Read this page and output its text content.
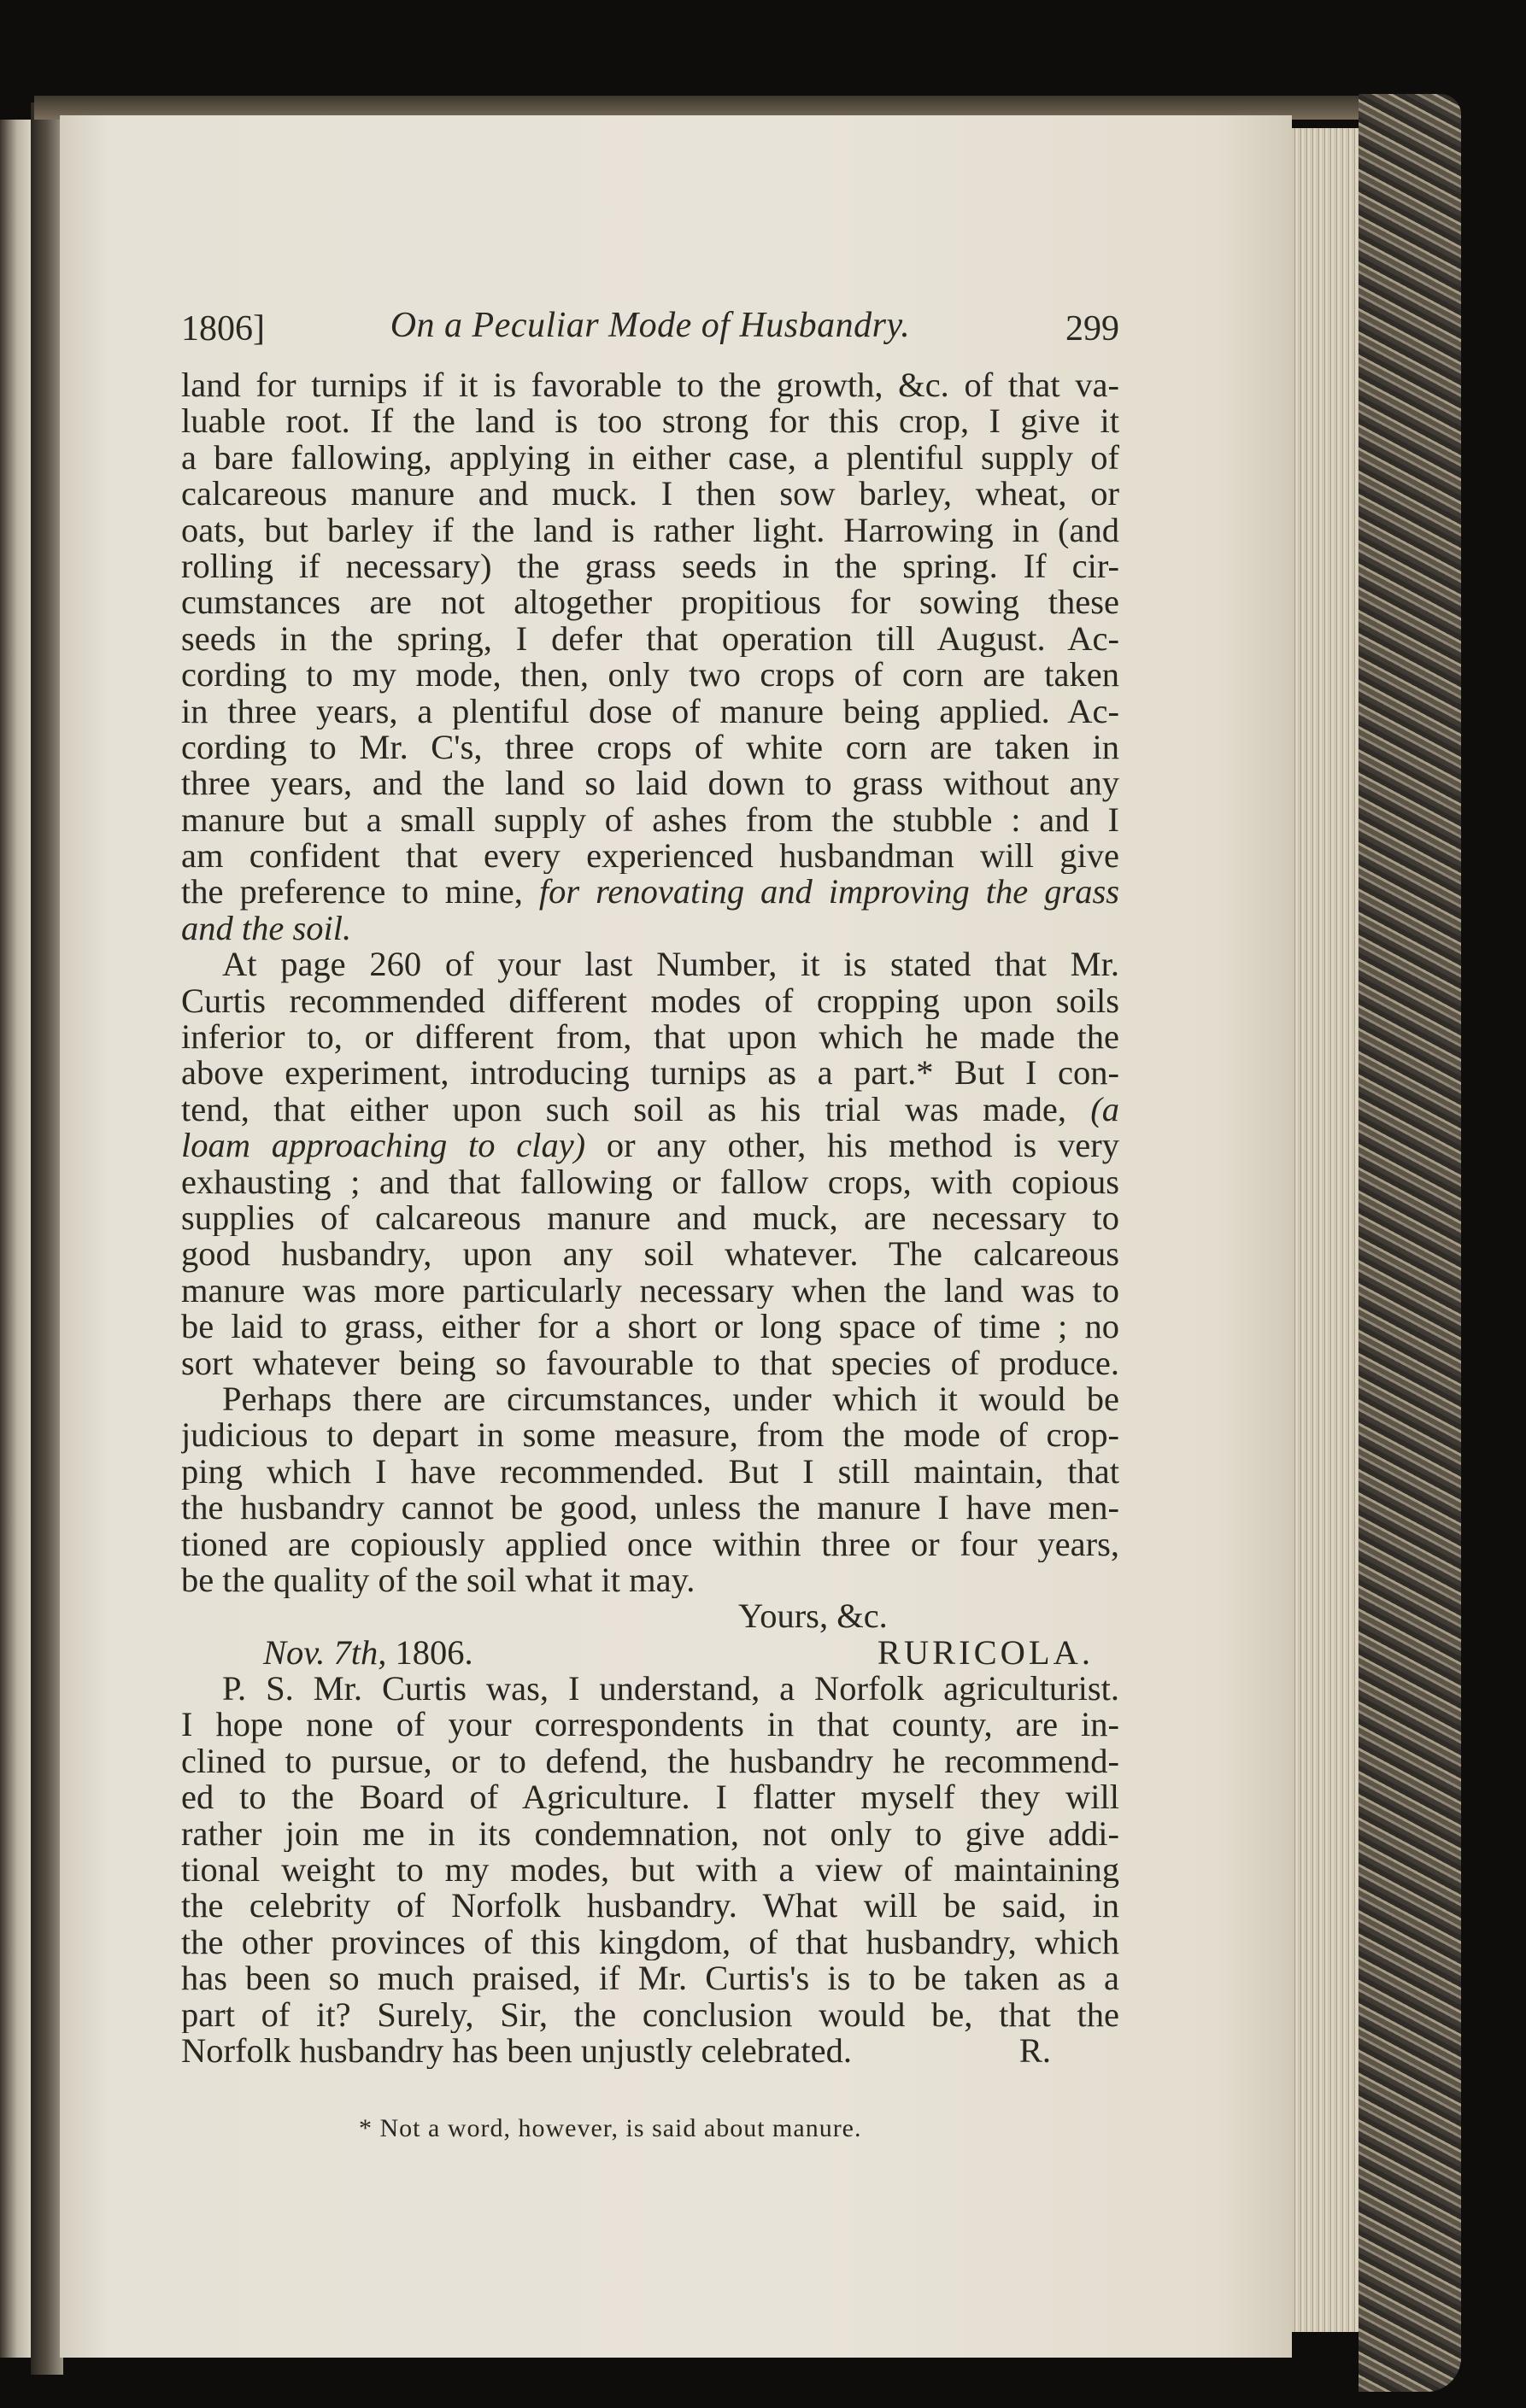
1806]	On a Peculiar Mode of Husbandry.	299
land for turnips if it is favorable to the growth, &c. of that va-
luable root. If the land is too strong for this crop, I give it
a bare fallowing, applying in either case, a plentiful supply of
calcareous manure and muck. I then sow barley, wheat, or
oats, but barley if the land is rather light. Harrowing in (and
rolling if necessary) the grass seeds in the spring. If cir-
cumstances are not altogether propitious for sowing these
seeds in the spring, I defer that operation till August. Ac-
cording to my mode, then, only two crops of corn are taken
in three years, a plentiful dose of manure being applied. Ac-
cording to Mr. C's, three crops of white corn are taken in
three years, and the land so laid down to grass without any
manure but a small supply of ashes from the stubble : and I
am confident that every experienced husbandman will give
the preference to mine, for renovating and improving the grass
and the soil.
At page 260 of your last Number, it is stated that Mr.
Curtis recommended different modes of cropping upon soils
inferior to, or different from, that upon which he made the
above experiment, introducing turnips as a part.* But I con-
tend, that either upon such soil as his trial was made, (a
loam approaching to clay) or any other, his method is very
exhausting ; and that fallowing or fallow crops, with copious
supplies of calcareous manure and muck, are necessary to
good husbandry, upon any soil whatever. The calcareous
manure was more particularly necessary when the land was to
be laid to grass, either for a short or long space of time ; no
sort whatever being so favourable to that species of produce.
Perhaps there are circumstances, under which it would be
judicious to depart in some measure, from the mode of crop-
ping which I have recommended. But I still maintain, that
the husbandry cannot be good, unless the manure I have men-
tioned are copiously applied once within three or four years,
be the quality of the soil what it may.
Yours, &c.
Nov. 7th, 1806.	RURICOLA.
P. S. Mr. Curtis was, I understand, a Norfolk agriculturist.
I hope none of your correspondents in that county, are in-
clined to pursue, or to defend, the husbandry he recommend-
ed to the Board of Agriculture. I flatter myself they will
rather join me in its condemnation, not only to give addi-
tional weight to my modes, but with a view of maintaining
the celebrity of Norfolk husbandry. What will be said, in
the other provinces of this kingdom, of that husbandry, which
has been so much praised, if Mr. Curtis's is to be taken as a
part of it? Surely, Sir, the conclusion would be, that the
Norfolk husbandry has been unjustly celebrated.	R.
* Not a word, however, is said about manure.
